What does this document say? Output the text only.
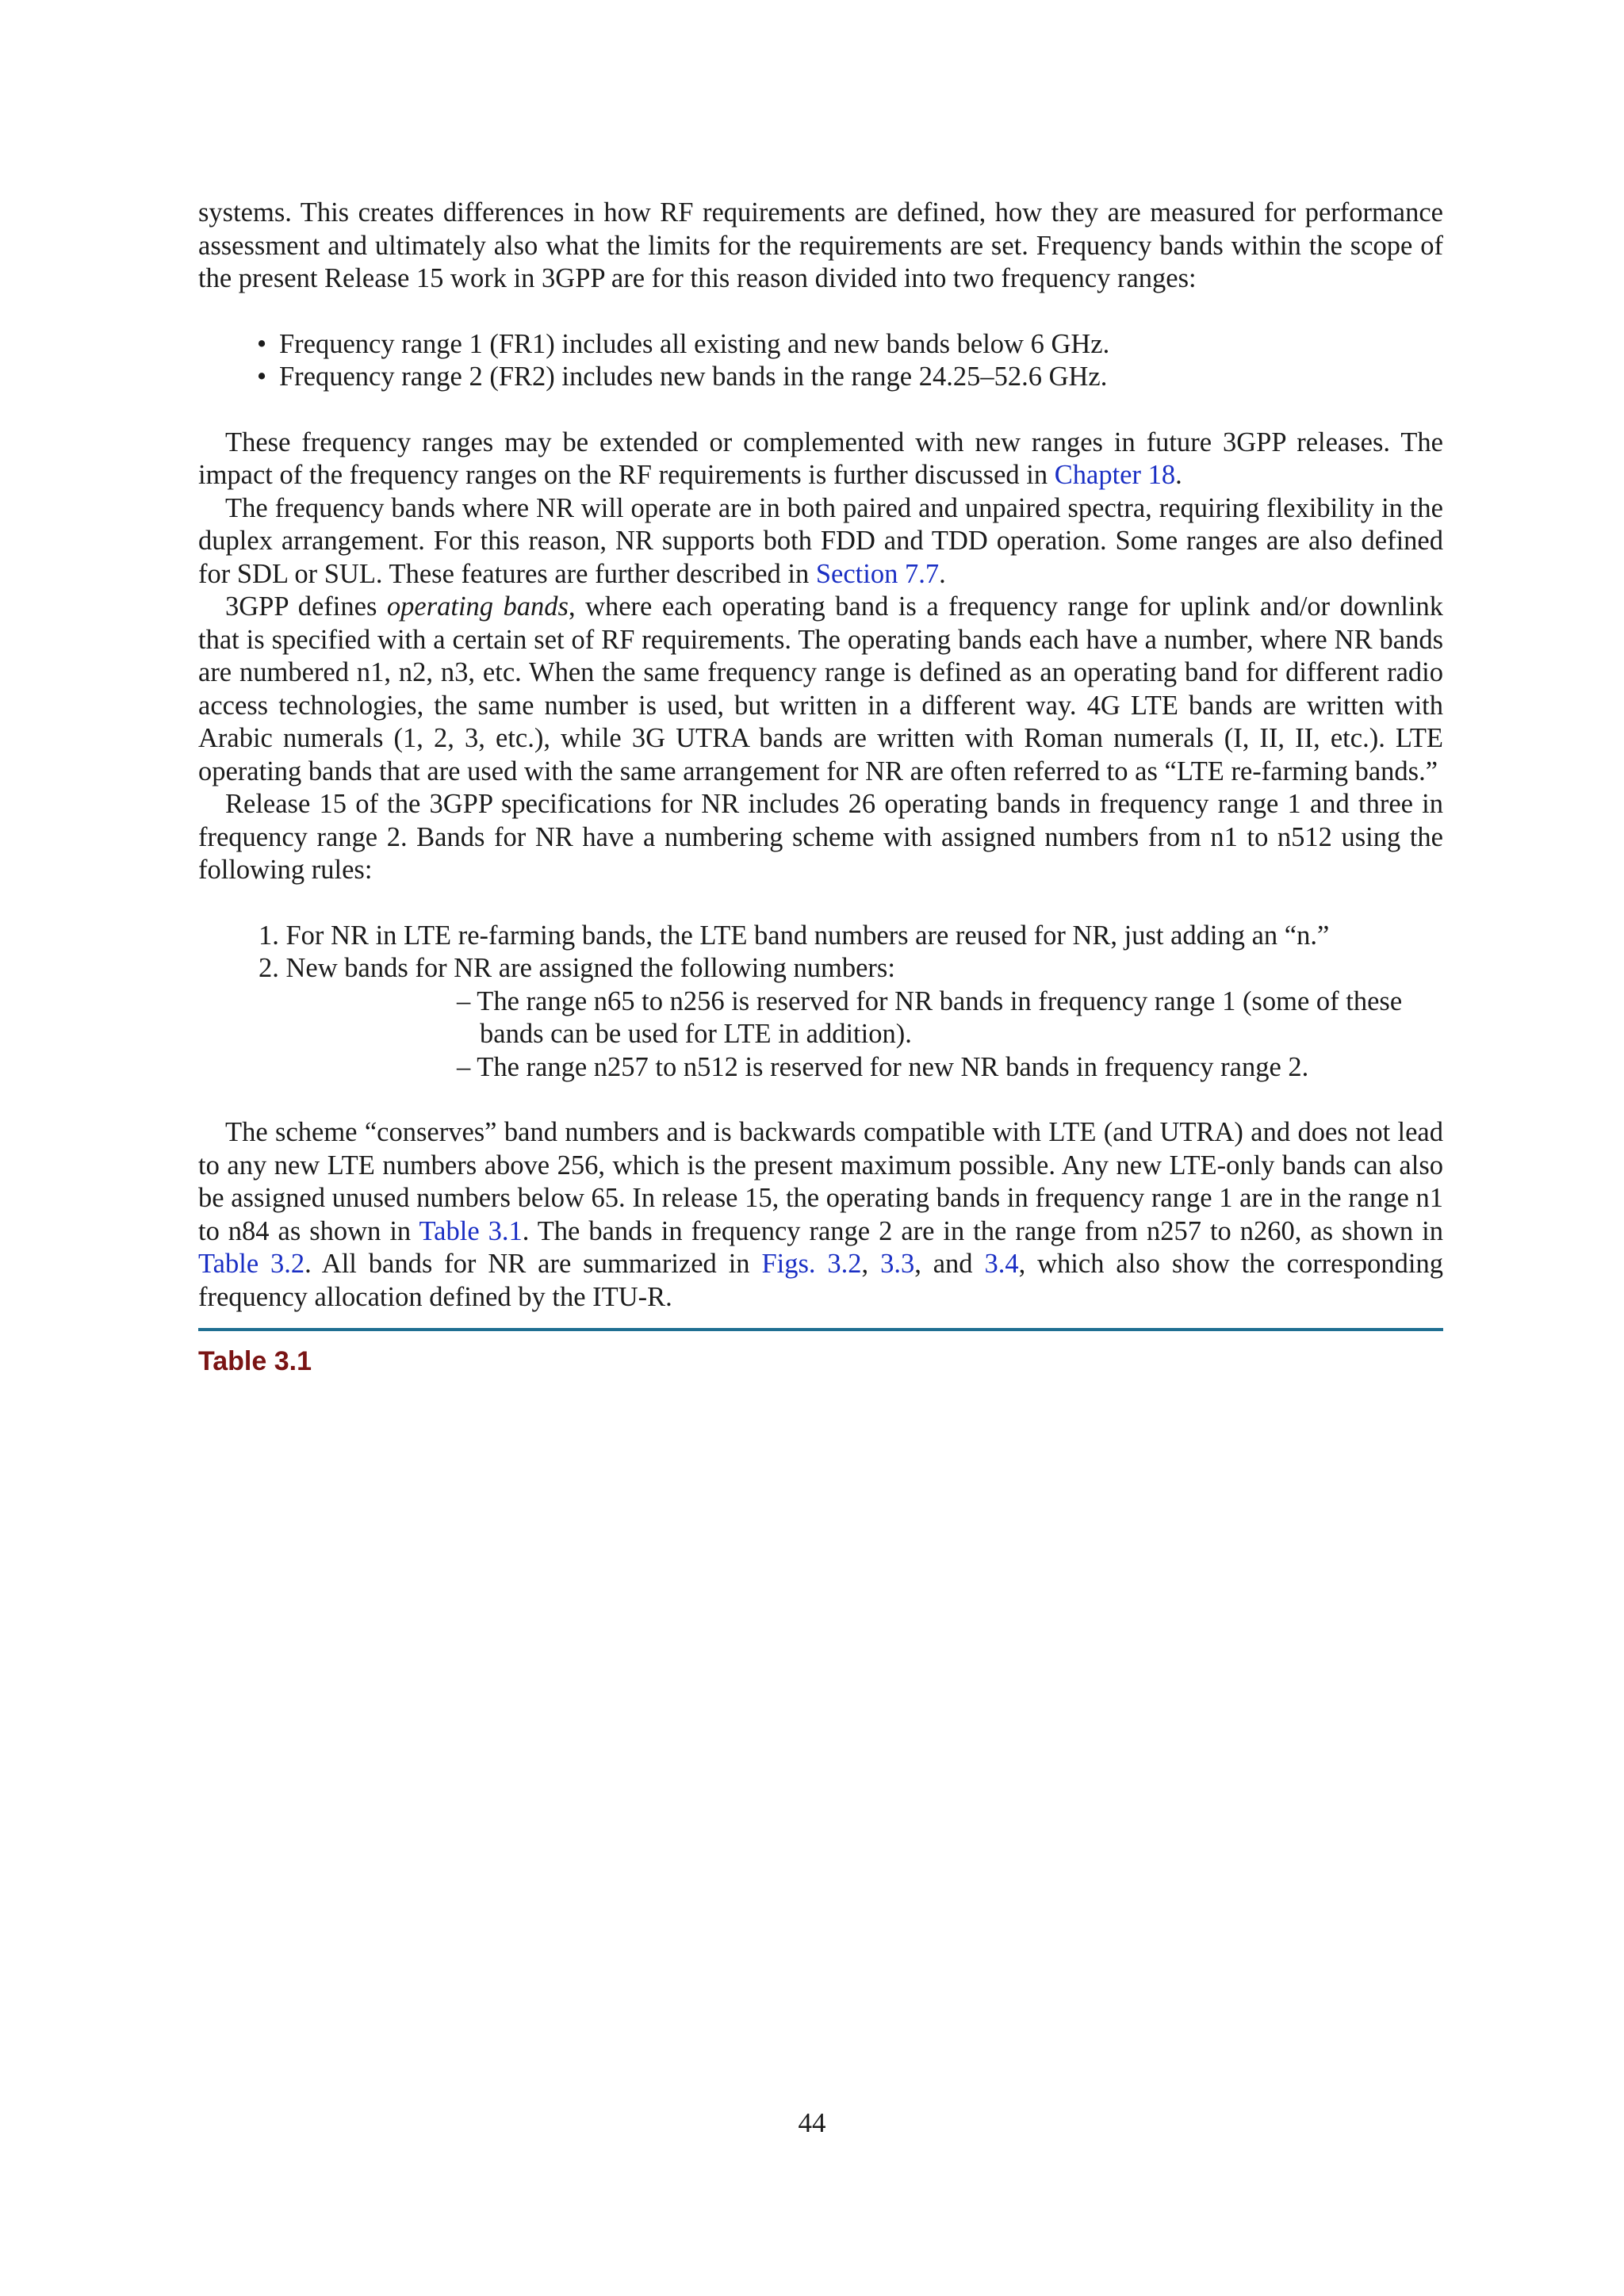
systems. This creates differences in how RF requirements are defined, how they are measured for performance assessment and ultimately also what the limits for the requirements are set. Frequency bands within the scope of the present Release 15 work in 3GPP are for this reason divided into two frequency ranges:

• Frequency range 1 (FR1) includes all existing and new bands below 6 GHz.
• Frequency range 2 (FR2) includes new bands in the range 24.25–52.6 GHz.

These frequency ranges may be extended or complemented with new ranges in future 3GPP releases. The impact of the frequency ranges on the RF requirements is further discussed in Chapter 18.

The frequency bands where NR will operate are in both paired and unpaired spectra, requiring flexibility in the duplex arrangement. For this reason, NR supports both FDD and TDD operation. Some ranges are also defined for SDL or SUL. These features are further described in Section 7.7.

3GPP defines operating bands, where each operating band is a frequency range for uplink and/or downlink that is specified with a certain set of RF requirements. The operating bands each have a number, where NR bands are numbered n1, n2, n3, etc. When the same frequency range is defined as an operating band for different radio access technologies, the same number is used, but written in a different way. 4G LTE bands are written with Arabic numerals (1, 2, 3, etc.), while 3G UTRA bands are written with Roman numerals (I, II, II, etc.). LTE operating bands that are used with the same arrangement for NR are often referred to as “LTE re-farming bands.”

Release 15 of the 3GPP specifications for NR includes 26 operating bands in frequency range 1 and three in frequency range 2. Bands for NR have a numbering scheme with assigned numbers from n1 to n512 using the following rules:

1. For NR in LTE re-farming bands, the LTE band numbers are reused for NR, just adding an “n.”
2. New bands for NR are assigned the following numbers:
– The range n65 to n256 is reserved for NR bands in frequency range 1 (some of these bands can be used for LTE in addition).
– The range n257 to n512 is reserved for new NR bands in frequency range 2.

The scheme “conserves” band numbers and is backwards compatible with LTE (and UTRA) and does not lead to any new LTE numbers above 256, which is the present maximum possible. Any new LTE-only bands can also be assigned unused numbers below 65. In release 15, the operating bands in frequency range 1 are in the range n1 to n84 as shown in Table 3.1. The bands in frequency range 2 are in the range from n257 to n260, as shown in Table 3.2. All bands for NR are summarized in Figs. 3.2, 3.3, and 3.4, which also show the corresponding frequency allocation defined by the ITU-R.

Table 3.1
44
